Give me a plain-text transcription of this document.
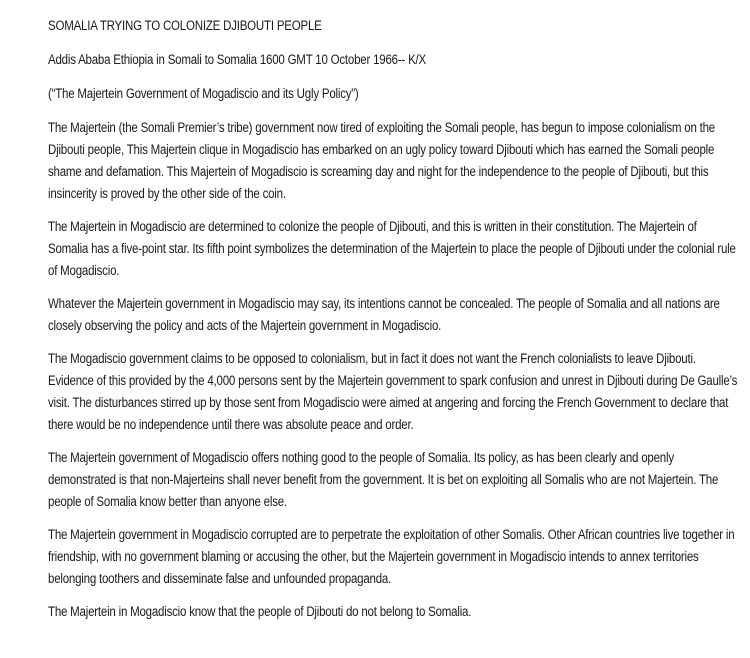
SOMALIA TRYING TO COLONIZE DJIBOUTI PEOPLE

Addis Ababa Ethiopia in Somali to Somalia 1600 GMT 10 October 1966-- K/X

(“The Majertein Government of Mogadiscio and its Ugly Policy”)

The Majertein (the Somali Premier’s tribe) government now tired of exploiting the Somali people, has begun to impose colonialism on the Djibouti people, This Majertein clique in Mogadiscio has embarked on an ugly policy toward Djibouti which has earned the Somali people shame and defamation. This Majertein of Mogadiscio is screaming day and night for the independence to the people of Djibouti, but this insincerity is proved by the other side of the coin.

The Majertein in Mogadiscio are determined to colonize the people of Djibouti, and this is written in their constitution. The Majertein of Somalia has a five-point star. Its fifth point symbolizes the determination of the Majertein to place the people of Djibouti under the colonial rule of Mogadiscio.

Whatever the Majertein government in Mogadiscio may say, its intentions cannot be concealed. The people of Somalia and all nations are closely observing the policy and acts of the Majertein government in Mogadiscio.

The Mogadiscio government claims to be opposed to colonialism, but in fact it does not want the French colonialists to leave Djibouti. Evidence of this provided by the 4,000 persons sent by the Majertein government to spark confusion and unrest in Djibouti during De Gaulle’s visit. The disturbances stirred up by those sent from Mogadiscio were aimed at angering and forcing the French Government to declare that there would be no independence until there was absolute peace and order.

The Majertein government of Mogadiscio offers nothing good to the people of Somalia. Its policy, as has been clearly and openly demonstrated is that non-Majerteins shall never benefit from the government. It is bet on exploiting all Somalis who are not Majertein. The people of Somalia know better than anyone else.

The Majertein government in Mogadiscio corrupted are to perpetrate the exploitation of other Somalis. Other African countries live together in friendship, with no government blaming or accusing the other, but the Majertein government in Mogadiscio intends to annex territories belonging toothers and disseminate false and unfounded propaganda.

The Majertein in Mogadiscio know that the people of Djibouti do not belong to Somalia.
